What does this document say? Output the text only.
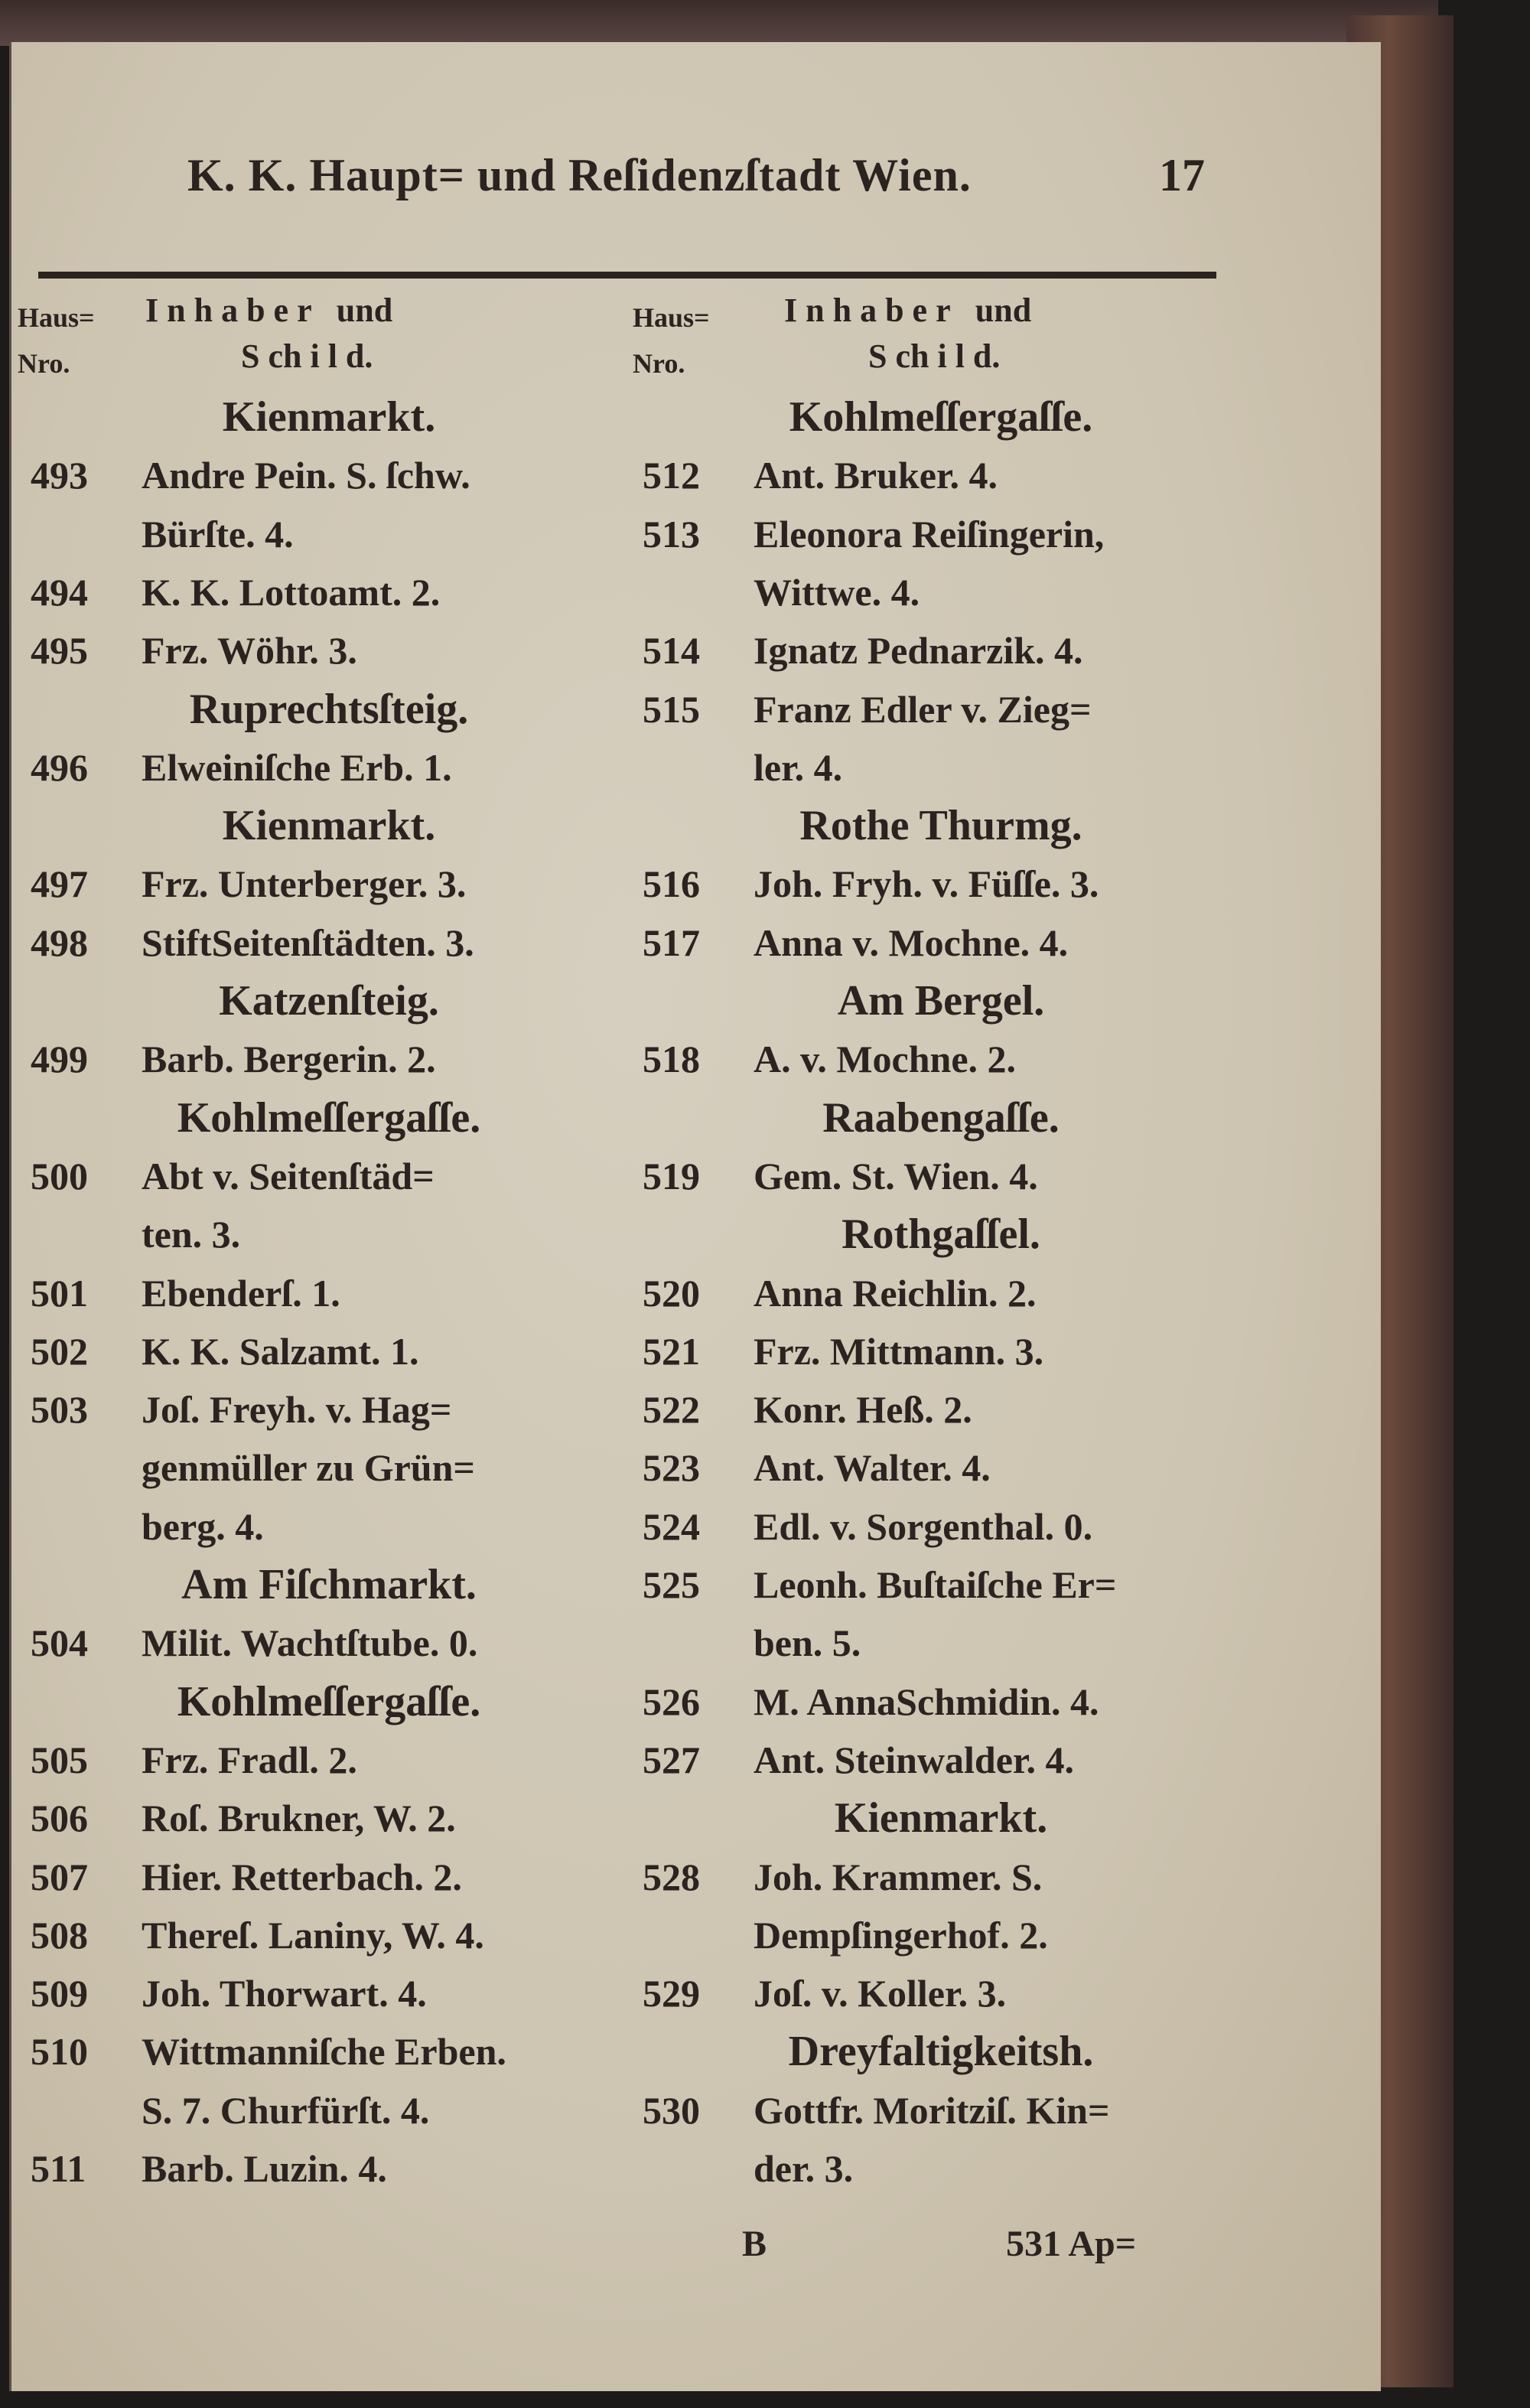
K. K. Haupt= und Reſidenzſtadt Wien.	17
Haus= Nro.
I n h a b e r   und
S ch i l d.
Haus= Nro.
I n h a b e r   und
S ch i l d.
Kienmarkt.
493	Andre Pein. S. ſchw.
Bürſte. 4.
494	K. K. Lottoamt. 2.
495	Frz. Wöhr. 3.
Ruprechtsſteig.
496	Elweiniſche Erb. 1.
Kienmarkt.
497	Frz. Unterberger. 3.
498	StiftSeitenſtädten. 3.
Katzenſteig.
499	Barb. Bergerin. 2.
Kohlmeſſergaſſe.
500	Abt v. Seitenſtäd=
ten. 3.
501	Ebenderſ. 1.
502	K. K. Salzamt. 1.
503	Joſ. Freyh. v. Hag=
genmüller zu Grün=
berg. 4.
Am Fiſchmarkt.
504	Milit. Wachtſtube. 0.
Kohlmeſſergaſſe.
505	Frz. Fradl. 2.
506	Roſ. Brukner, W. 2.
507	Hier. Retterbach. 2.
508	Thereſ. Laniny, W. 4.
509	Joh. Thorwart. 4.
510	Wittmanniſche Erben.
S. 7. Churfürſt. 4.
511	Barb. Luzin. 4.
Kohlmeſſergaſſe.
512	Ant. Bruker. 4.
513	Eleonora Reiſingerin,
Wittwe. 4.
514	Ignatz Pednarzik. 4.
515	Franz Edler v. Zieg=
ler. 4.
Rothe Thurmg.
516	Joh. Fryh. v. Füſſe. 3.
517	Anna v. Mochne. 4.
Am Bergel.
518	A. v. Mochne. 2.
Raabengaſſe.
519	Gem. St. Wien. 4.
Rothgaſſel.
520	Anna Reichlin. 2.
521	Frz. Mittmann. 3.
522	Konr. Heß. 2.
523	Ant. Walter. 4.
524	Edl. v. Sorgenthal. 0.
525	Leonh. Buſtaiſche Er=
ben. 5.
526	M. AnnaSchmidin. 4.
527	Ant. Steinwalder. 4.
Kienmarkt.
528	Joh. Krammer. S.
Dempſingerhof. 2.
529	Joſ. v. Koller. 3.
Dreyfaltigkeitsh.
530	Gottfr. Moritziſ. Kin=
der. 3.
B	531 Ap=
